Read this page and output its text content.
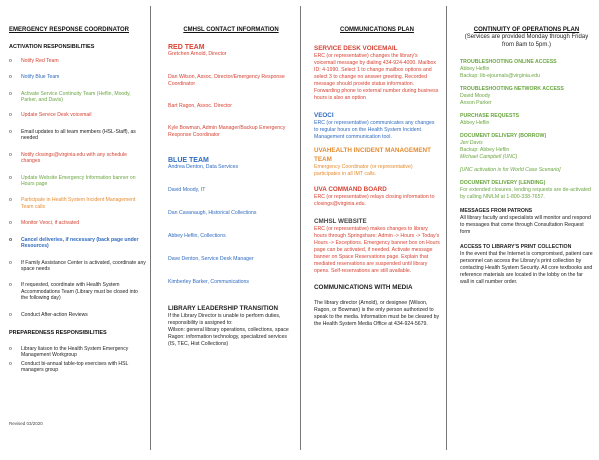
EMERGENCY RESPONSE COORDINATOR
ACTIVATION RESPONSIBILITIES
o	Notify Red Team
o	Notify Blue Team
o	Activate Service Continuity Team (Heflin, Moody, Parker, and Davis)
o	Update Service Desk voicemail
o	Email updates to all team members (HSL-Staff), as needed
o	Notify closings@virginia.edu with any schedule changes
o	Update Website Emergency Information banner on Hours page
o	Participate in Health System Incident Management Team calls
o	Monitor Veoci, if activated
o	Cancel deliveries, if necessary (back page under Resources)
o	If Family Assistance Center is activated, coordinate any space needs
o	If requested, coordinate with Health System Accommodations Team (Library must be closed into the following day)
o	Conduct After-action Reviews
PREPAREDNESS RESPONSIBILITIES
o	Library liaison to the Health System Emergency Management Workgroup
o	Conduct bi-annual table-top exercises with HSL managers group
Revised 03/2020
CMHSL CONTACT INFORMATION
RED TEAM
Gretchen Arnold, Director
Dan Wilson, Assoc. Director/Emergency Response Coordinator
Bart Ragon, Assoc. Director
Kyle Bowman, Admin Manager/Backup Emergency Response Coordinator
BLUE TEAM
Andrea Denton, Data Services
David Moody, IT
Dan Cavanaugh, Historical Collections
Abbey Heflin, Collections
Dave Denton, Service Desk Manager
Kimberley Barker, Communications
LIBRARY LEADERSHIP TRANSITION
If the Library Director is unable to perform duties, responsibility is assigned to:
Wilson: general library operations, collections, space
Ragon: information technology, specialized services (IS, TEC, Hist Collections)
COMMUNICATIONS PLAN
SERVICE DESK VOICEMAIL
ERC (or representative) changes the library's voicemail message by dialing 434-924-4000. Mailbox ID: 4-1990. Select 1 to change mailbox options and select 3 to change no answer greeting. Recorded message should provide status information. Forwarding phone to external number during business hours is also an option
VEOCI
ERC (or representative) communicates any changes to regular hours on the Health System Incident Management communication tool.
UVAHEALTH INCIDENT MANAGEMENT TEAM
Emergency Coordinator (or representative) participates in all IMT calls.
UVA COMMAND BOARD
ERC (or representative) relays closing information to closings@virginia.edu.
CMHSL WEBSITE
ERC (or representative) makes changes to library hours through Springshare: Admin -> Hours -> Today's Hours -> Exceptions. Emergency banner box on Hours page can be activated, if needed. Activate message banner on Space Reservations page. Explain that mediated reservations are suspended until library opens. Self-reservations are still available.
COMMUNICATIONS WITH MEDIA
The library director (Arnold), or designee (Wilson, Ragon, or Bowman) is the only person authorized to speak to the media. Information must be be cleared by the Health System Media Office at 434-924-5679.
CONTINUITY OF OPERATIONS PLAN
(Services are provided Monday through Friday from 8am to 5pm.)
TROUBLESHOOTING ONLINE ACCESS
Abbey Heflin
Backup: lib-ejournals@virginia.edu
TROUBLESHOOTING NETWORK ACCESS
David Moody
Anson Parker
PURCHASE REQUESTS
Abbey Heflin
DOCUMENT DELIVERY (BORROW)
Jeri Davis
Backup: Abbey Heflin
Michael Campbell (UNC)
[UNC activation is for World Case Scenario]
DOCUMENT DELIVERY (LENDING)
For extended closures, lending requests are de-activated by calling NN/LM at 1-800-338-7657.
MESSAGES FROM PATRONS
All library faculty and specialists will monitor and respond to messages that come through Consultation Request form
ACCESS TO LIBRARY'S PRINT COLLECTION
In the event that the Internet is compromised, patient care personnel can access the Library's print collection by contacting Health System Security. All core textbooks and reference materials are located in the lobby on the far wall in call number order.
